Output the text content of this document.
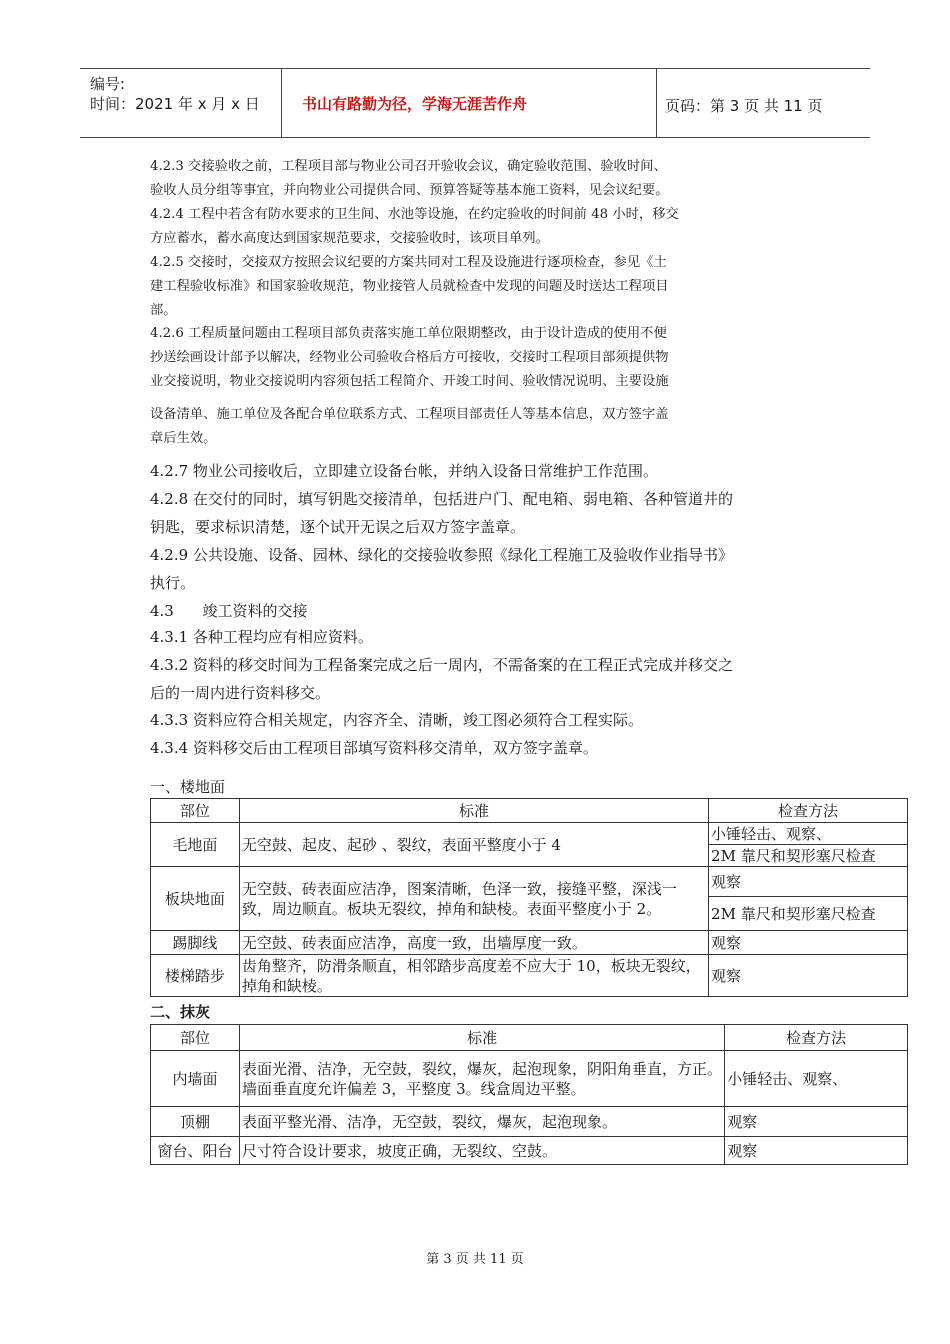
编号:
时间：2021 年 x 月 x 日	书山有路勤为径，学海无涯苦作舟	页码：第 3 页 共 11 页
4.2.3 交接验收之前，工程项目部与物业公司召开验收会议，确定验收范围、验收时间、
验收人员分组等事宜，并向物业公司提供合同、预算答疑等基本施工资料，见会议纪要。
4.2.4 工程中若含有防水要求的卫生间、水池等设施，在约定验收的时间前 48 小时，移交
方应蓄水，蓄水高度达到国家规范要求，交接验收时，该项目单列。
4.2.5 交接时，交接双方按照会议纪要的方案共同对工程及设施进行逐项检查，参见《土
建工程验收标准》和国家验收规范，物业接管人员就检查中发现的问题及时送达工程项目
部。
4.2.6 工程质量问题由工程项目部负责落实施工单位限期整改，由于设计造成的使用不便
抄送绘画设计部予以解决，经物业公司验收合格后方可接收，交接时工程项目部须提供物
业交接说明，物业交接说明内容须包括工程简介、开竣工时间、验收情况说明、主要设施
设备清单、施工单位及各配合单位联系方式、工程项目部责任人等基本信息，双方签字盖
章后生效。
4.2.7 物业公司接收后，立即建立设备台帐，并纳入设备日常维护工作范围。
4.2.8 在交付的同时，填写钥匙交接清单，包括进户门、配电箱、弱电箱、各种管道井的
钥匙，要求标识清楚，逐个试开无误之后双方签字盖章。
4.2.9 公共设施、设备、园林、绿化的交接验收参照《绿化工程施工及验收作业指导书》
执行。
4.3      竣工资料的交接
4.3.1 各种工程均应有相应资料。
4.3.2 资料的移交时间为工程备案完成之后一周内，不需备案的在工程正式完成并移交之
后的一周内进行资料移交。
4.3.3 资料应符合相关规定，内容齐全、清晰，竣工图必须符合工程实际。
4.3.4 资料移交后由工程项目部填写资料移交清单，双方签字盖章。
一、楼地面
部位	标准	检查方法
毛地面	无空鼓、起皮、起砂 、裂纹，表面平整度小于 4	小锤轻击、观察、
		2M 靠尺和契形塞尺检查
板块地面	无空鼓、砖表面应洁净，图案清晰，色泽一致，接缝平整，深浅一致，周边顺直。板块无裂纹，掉角和缺棱。表面平整度小于 2。	观察
		2M 靠尺和契形塞尺检查
踢脚线	无空鼓、砖表面应洁净，高度一致，出墙厚度一致。	观察
楼梯踏步	齿角整齐，防滑条顺直，相邻踏步高度差不应大于 10，板块无裂纹，掉角和缺棱。	观察
二、抹灰
部位	标准	检查方法
内墙面	表面光滑、洁净，无空鼓，裂纹，爆灰，起泡现象，阴阳角垂直，方正。墙面垂直度允许偏差 3，平整度 3。线盒周边平整。	小锤轻击、观察、
顶棚	表面平整光滑、洁净，无空鼓，裂纹，爆灰，起泡现象。	观察
窗台、阳台	尺寸符合设计要求，坡度正确，无裂纹、空鼓。	观察
第 3 页 共 11 页
